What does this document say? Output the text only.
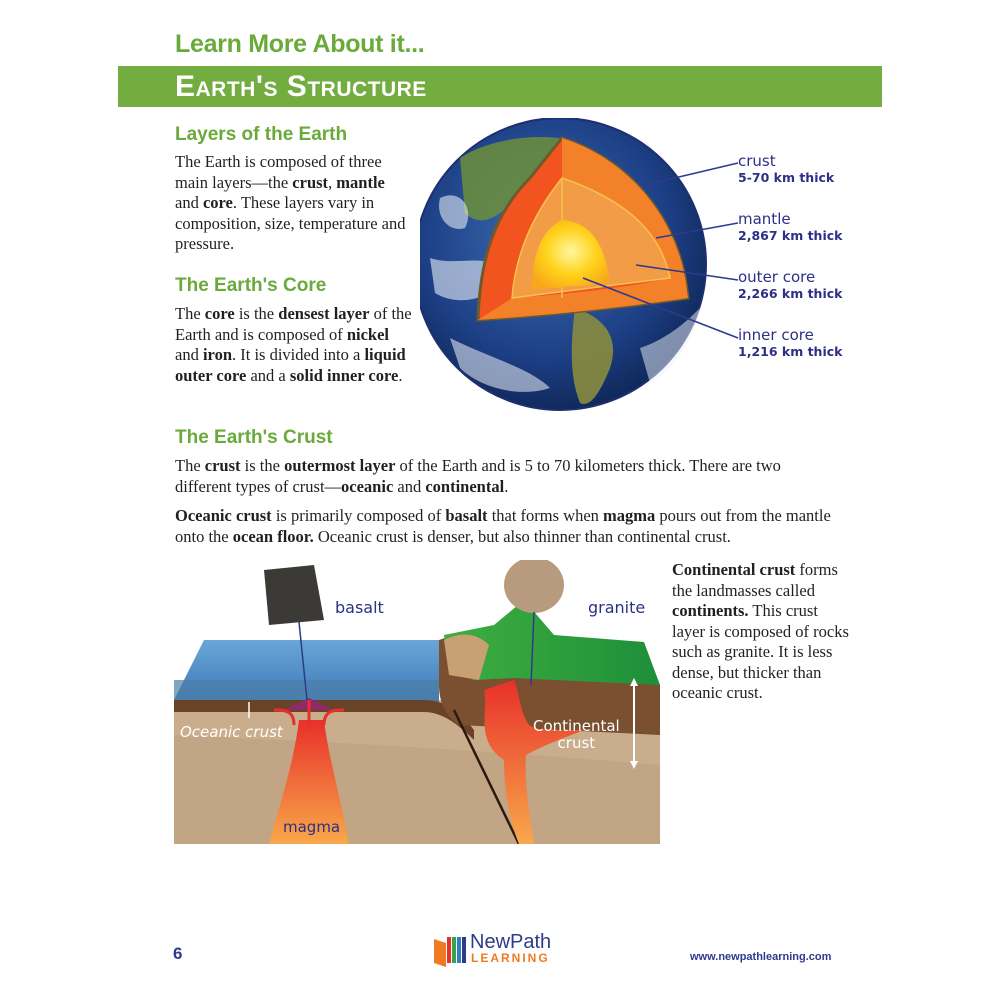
Learn More About it...
Earth's Structure
Layers of the Earth

The Earth is composed of three main layers—the crust, mantle and core. These layers vary in composition, size, temperature and pressure.

The Earth's Core

The core is the densest layer of the Earth and is composed of nickel and iron. It is divided into a liquid outer core and a solid inner core.

crust
5-70 km thick
mantle
2,867 km thick
outer core
2,266 km thick
inner core
1,216 km thick
The Earth's Crust

The crust is the outermost layer of the Earth and is 5 to 70 kilometers thick. There are two different types of crust—oceanic and continental.

Oceanic crust is primarily composed of basalt that forms when magma pours out from the mantle onto the ocean floor. Oceanic crust is denser, but also thinner than continental crust.

basalt	granite
Oceanic crust	Continental
crust
magma

Continental crust forms the landmasses called continents. This crust layer is composed of rocks such as granite. It is less dense, but thicker than oceanic crust.

6
NewPath
LEARNING	www.newpathlearning.com
